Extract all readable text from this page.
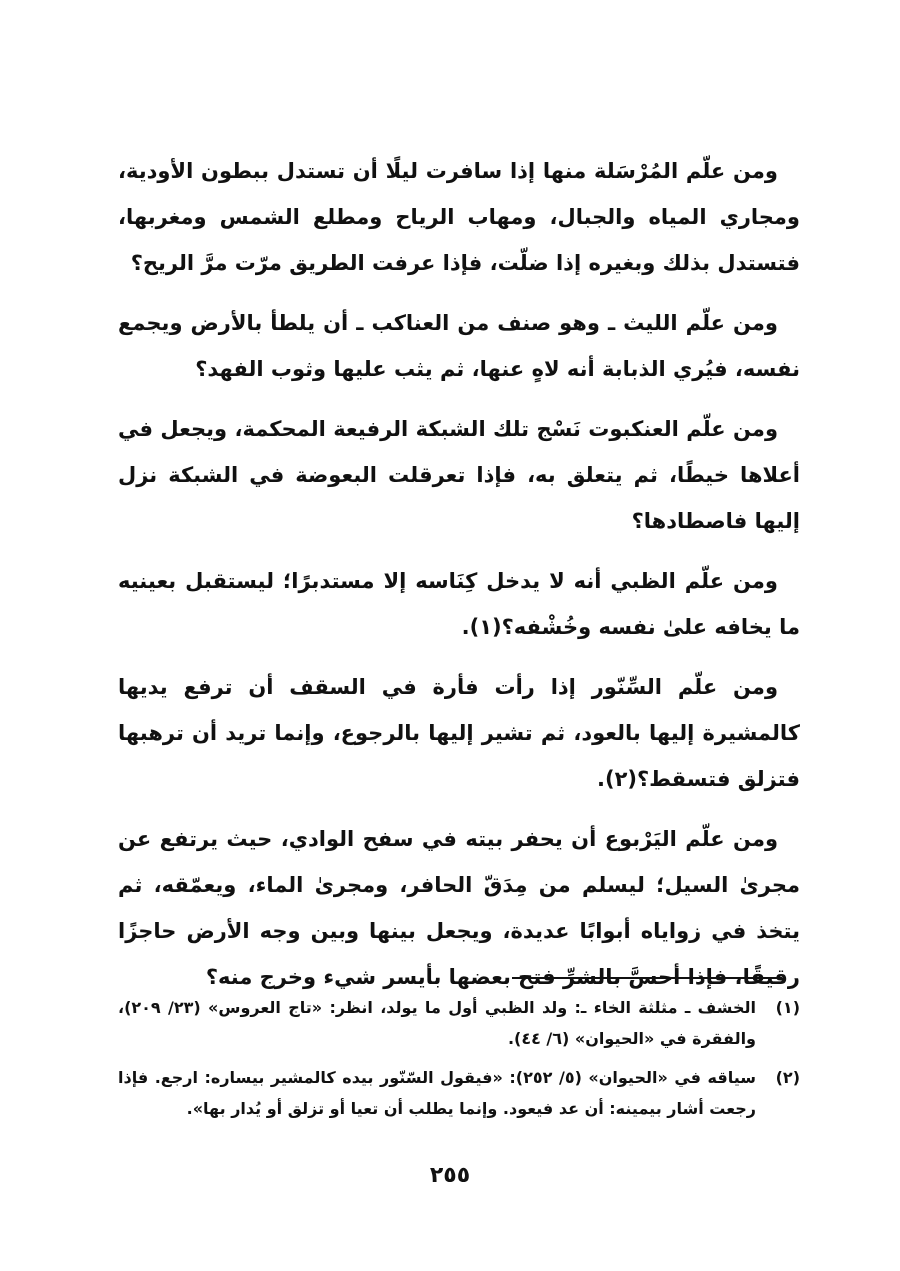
ومن علّم المُرْسَلة منها إذا سافرت ليلًا أن تستدل ببطون الأودية، ومجاري المياه والجبال، ومهاب الرياح ومطلع الشمس ومغربها، فتستدل بذلك وبغيره إذا ضلّت، فإذا عرفت الطريق مرّت مرَّ الريح؟

ومن علّم الليث ـ وهو صنف من العناكب ـ أن يلطأ بالأرض ويجمع نفسه، فيُري الذبابة أنه لاهٍ عنها، ثم يثب عليها وثوب الفهد؟

ومن علّم العنكبوت نَسْج تلك الشبكة الرفيعة المحكمة، ويجعل في أعلاها خيطًا، ثم يتعلق به، فإذا تعرقلت البعوضة في الشبكة نزل إليها فاصطادها؟

ومن علّم الظبي أنه لا يدخل كِنَاسه إلا مستدبرًا؛ ليستقبل بعينيه ما يخافه علىٰ نفسه وخُشْفه؟(١).

ومن علّم السِّنّور إذا رأت فأرة في السقف أن ترفع يديها كالمشيرة إليها بالعود، ثم تشير إليها بالرجوع، وإنما تريد أن ترهبها فتزلق فتسقط؟(٢).

ومن علّم اليَرْبوع أن يحفر بيته في سفح الوادي، حيث يرتفع عن مجرىٰ السيل؛ ليسلم من مِدَقّ الحافر، ومجرىٰ الماء، ويعمّقه، ثم يتخذ في زواياه أبوابًا عديدة، ويجعل بينها وبين وجه الأرض حاجزًا رقيقًا، فإذا أحسَّ بالشرِّ فتح بعضها بأيسر شيء وخرج منه؟

(١)
الخشف ـ مثلثة الخاء ـ: ولد الظبي أول ما يولد، انظر: «تاج العروس» (٢٣/ ٢٠٩)، والفقرة في «الحيوان» (٦/ ٤٤).
(٢)
سياقه في «الحيوان» (٥/ ٢٥٢): «فيقول السّنّور بيده كالمشير بيساره: ارجع. فإذا رجعت أشار بيمينه: أن عد فيعود. وإنما يطلب أن تعيا أو تزلق أو يُدار بها».
٢٥٥
